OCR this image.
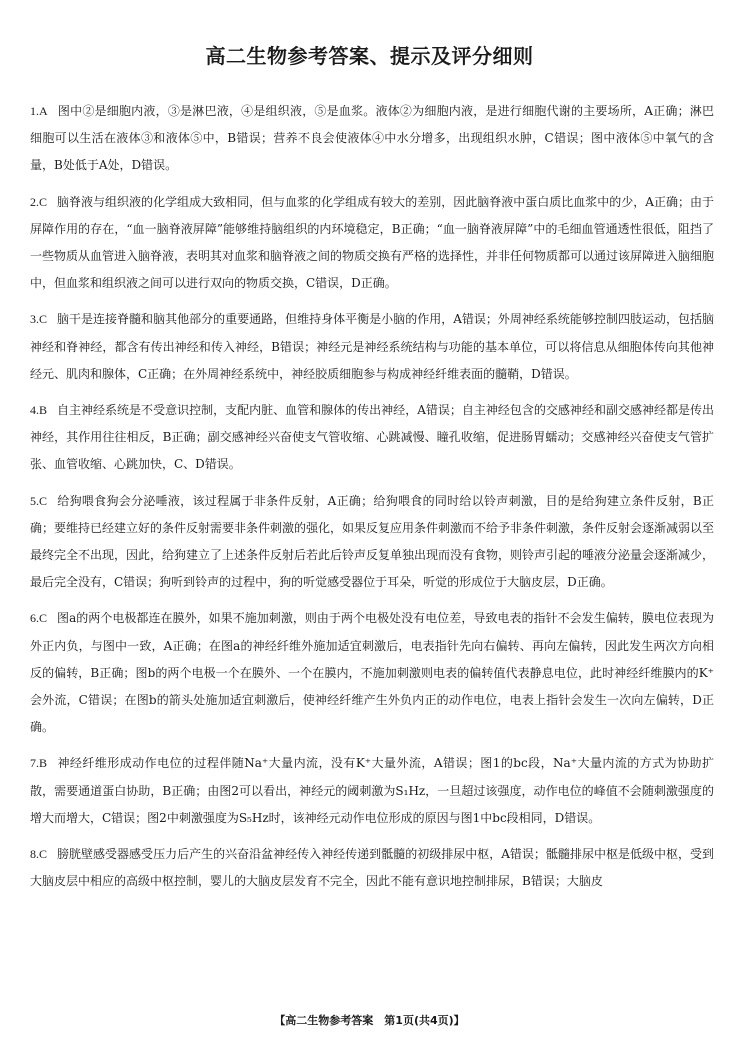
高二生物参考答案、提示及评分细则

1.A 图中②是细胞内液，③是淋巴液，④是组织液，⑤是血浆。液体②为细胞内液，是进行细胞代谢的主要场所，A正确；淋巴细胞可以生活在液体③和液体⑤中，B错误；营养不良会使液体④中水分增多，出现组织水肿，C错误；图中液体⑤中氧气的含量，B处低于A处，D错误。

2.C 脑脊液与组织液的化学组成大致相同，但与血浆的化学组成有较大的差别，因此脑脊液中蛋白质比血浆中的少，A正确；由于屏障作用的存在，“血一脑脊液屏障”能够维持脑组织的内环境稳定，B正确；“血一脑脊液屏障”中的毛细血管通透性很低，阻挡了一些物质从血管进入脑脊液，表明其对血浆和脑脊液之间的物质交换有严格的选择性，并非任何物质都可以通过该屏障进入脑细胞中，但血浆和组织液之间可以进行双向的物质交换，C错误，D正确。

3.C 脑干是连接脊髓和脑其他部分的重要通路，但维持身体平衡是小脑的作用，A错误；外周神经系统能够控制四肢运动，包括脑神经和脊神经，都含有传出神经和传入神经，B错误；神经元是神经系统结构与功能的基本单位，可以将信息从细胞体传向其他神经元、肌肉和腺体，C正确；在外周神经系统中，神经胶质细胞参与构成神经纤维表面的髓鞘，D错误。

4.B 自主神经系统是不受意识控制，支配内脏、血管和腺体的传出神经，A错误；自主神经包含的交感神经和副交感神经都是传出神经，其作用往往相反，B正确；副交感神经兴奋使支气管收缩、心跳减慢、瞳孔收缩，促进肠胃蠕动；交感神经兴奋使支气管扩张、血管收缩、心跳加快，C、D错误。

5.C 给狗喂食狗会分泌唾液，该过程属于非条件反射，A正确；给狗喂食的同时给以铃声刺激，目的是给狗建立条件反射，B正确；要维持已经建立好的条件反射需要非条件刺激的强化，如果反复应用条件刺激而不给予非条件刺激，条件反射会逐渐减弱以至最终完全不出现，因此，给狗建立了上述条件反射后若此后铃声反复单独出现而没有食物，则铃声引起的唾液分泌量会逐渐减少，最后完全没有，C错误；狗听到铃声的过程中，狗的听觉感受器位于耳朵，听觉的形成位于大脑皮层，D正确。

6.C 图a的两个电极都连在膜外，如果不施加刺激，则由于两个电极处没有电位差，导致电表的指针不会发生偏转，膜电位表现为外正内负，与图中一致，A正确；在图a的神经纤维外施加适宜刺激后，电表指针先向右偏转、再向左偏转，因此发生两次方向相反的偏转，B正确；图b的两个电极一个在膜外、一个在膜内，不施加刺激则电表的偏转值代表静息电位，此时神经纤维膜内的K⁺会外流，C错误；在图b的箭头处施加适宜刺激后，使神经纤维产生外负内正的动作电位，电表上指针会发生一次向左偏转，D正确。

7.B 神经纤维形成动作电位的过程伴随Na⁺大量内流，没有K⁺大量外流，A错误；图1的bc段，Na⁺大量内流的方式为协助扩散，需要通道蛋白协助，B正确；由图2可以看出，神经元的阈刺激为S₁Hz，一旦超过该强度，动作电位的峰值不会随刺激强度的增大而增大，C错误；图2中刺激强度为S₅Hz时，该神经元动作电位形成的原因与图1中bc段相同，D错误。

8.C 膀胱壁感受器感受压力后产生的兴奋沿盆神经传入神经传递到骶髓的初级排尿中枢，A错误；骶髓排尿中枢是低级中枢，受到大脑皮层中相应的高级中枢控制，婴儿的大脑皮层发育不完全，因此不能有意识地控制排尿，B错误；大脑皮

【高二生物参考答案　第1页(共4页)】
